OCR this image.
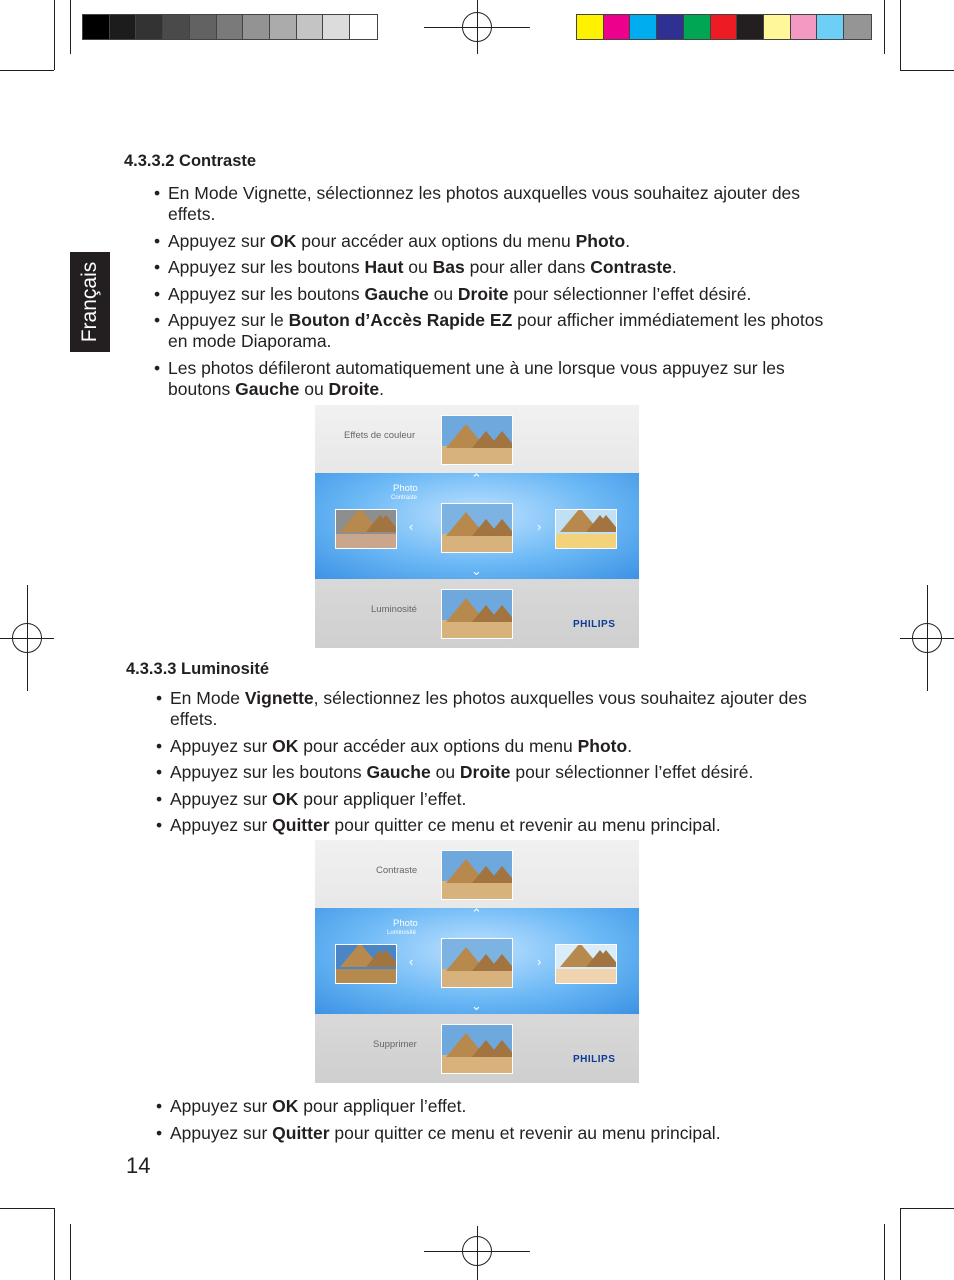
Français
4.3.3.2 Contraste
• En Mode Vignette, sélectionnez les photos auxquelles vous souhaitez ajouter des effets.
• Appuyez sur OK pour accéder aux options du menu Photo.
• Appuyez sur les boutons Haut ou Bas pour aller dans Contraste.
• Appuyez sur les boutons Gauche ou Droite pour sélectionner l’effet désiré.
• Appuyez sur le Bouton d’Accès Rapide EZ pour afficher immédiatement les photos en mode Diaporama.
• Les photos défileront automatiquement une à une lorsque vous appuyez sur les boutons Gauche ou Droite.
Effets de couleur
Photo
Contraste
Luminosité
PHILIPS
⌃
⌄
‹	›
4.3.3.3 Luminosité
• En Mode Vignette, sélectionnez les photos auxquelles vous souhaitez ajouter des effets.
• Appuyez sur OK pour accéder aux options du menu Photo.
• Appuyez sur les boutons Gauche ou Droite pour sélectionner l’effet désiré.
• Appuyez sur OK pour appliquer l’effet.
• Appuyez sur Quitter pour quitter ce menu et revenir au menu principal.
Contraste
Photo
Luminosité
Supprimer
PHILIPS
⌃
⌄
‹	›
• Appuyez sur OK pour appliquer l’effet.
• Appuyez sur Quitter pour quitter ce menu et revenir au menu principal.
14
